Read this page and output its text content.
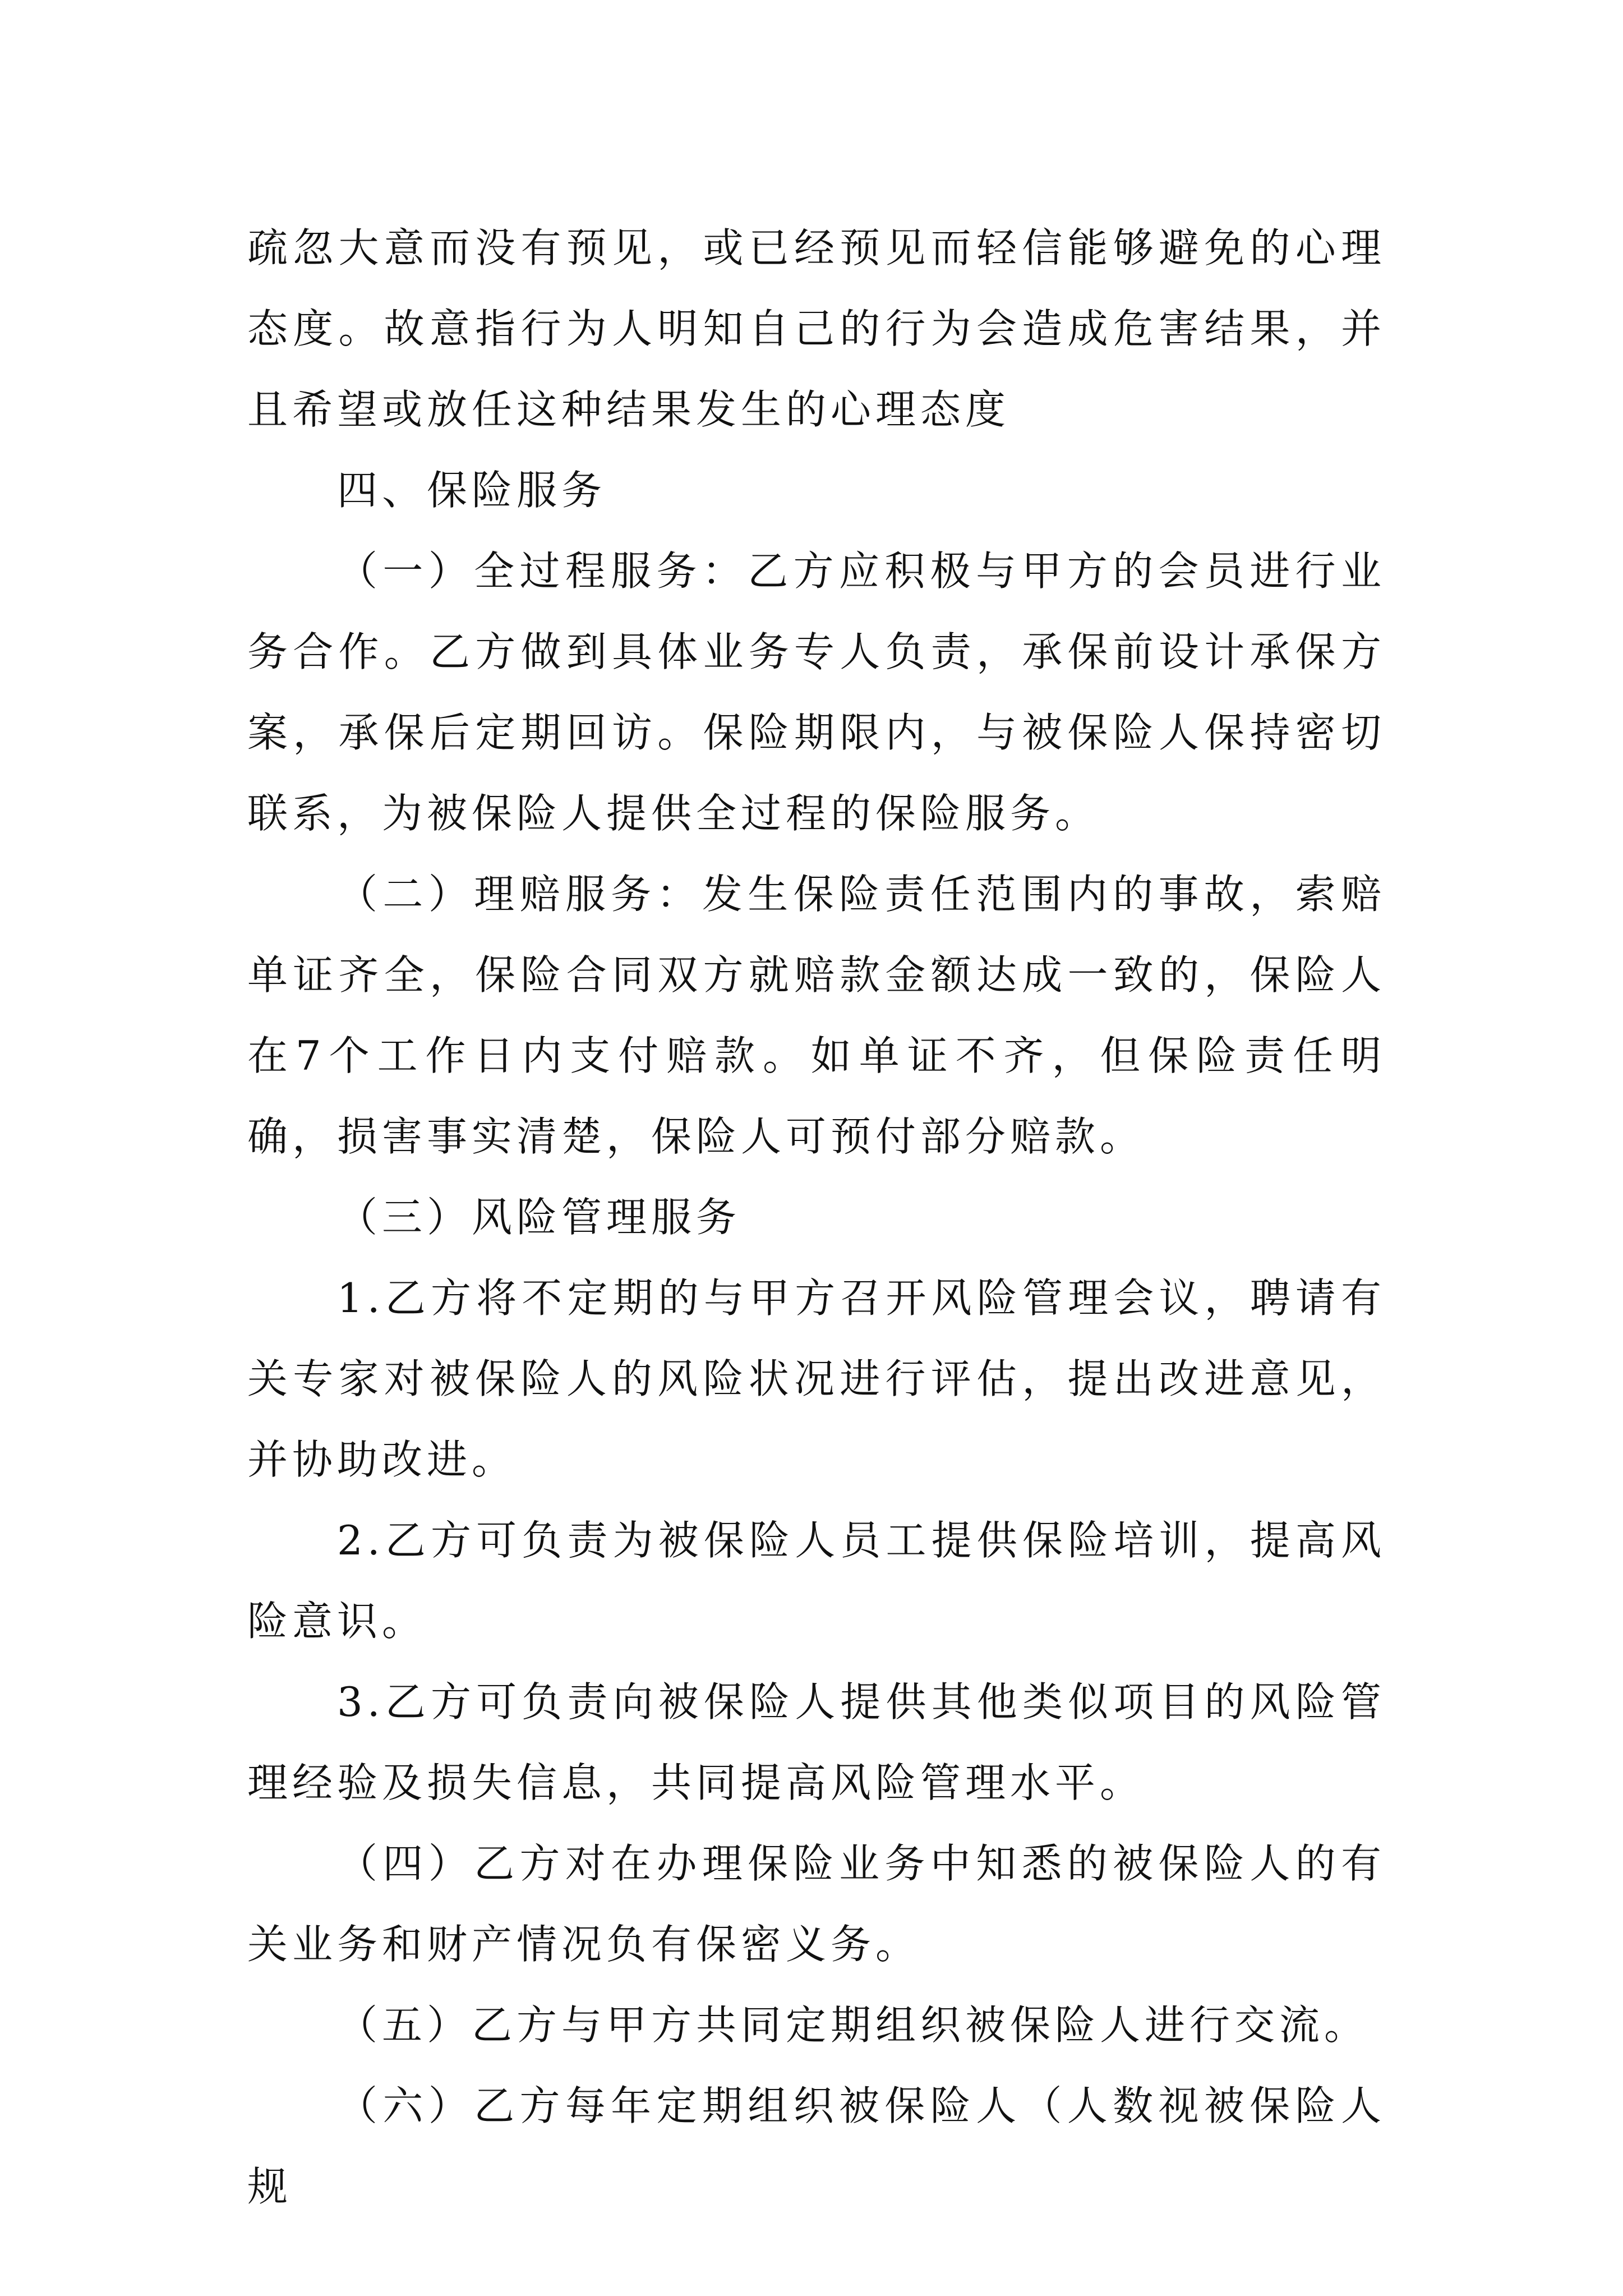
疏忽大意而没有预见，或已经预见而轻信能够避免的心理态度。故意指行为人明知自己的行为会造成危害结果，并且希望或放任这种结果发生的心理态度

四、保险服务

（一）全过程服务：乙方应积极与甲方的会员进行业务合作。乙方做到具体业务专人负责，承保前设计承保方案，承保后定期回访。保险期限内，与被保险人保持密切联系，为被保险人提供全过程的保险服务。

（二）理赔服务：发生保险责任范围内的事故，索赔单证齐全，保险合同双方就赔款金额达成一致的，保险人在7个工作日内支付赔款。如单证不齐，但保险责任明确，损害事实清楚，保险人可预付部分赔款。

（三）风险管理服务

1.乙方将不定期的与甲方召开风险管理会议，聘请有关专家对被保险人的风险状况进行评估，提出改进意见，并协助改进。

2.乙方可负责为被保险人员工提供保险培训，提高风险意识。

3.乙方可负责向被保险人提供其他类似项目的风险管理经验及损失信息，共同提高风险管理水平。

（四）乙方对在办理保险业务中知悉的被保险人的有关业务和财产情况负有保密义务。

（五）乙方与甲方共同定期组织被保险人进行交流。

（六）乙方每年定期组织被保险人（人数视被保险人规
